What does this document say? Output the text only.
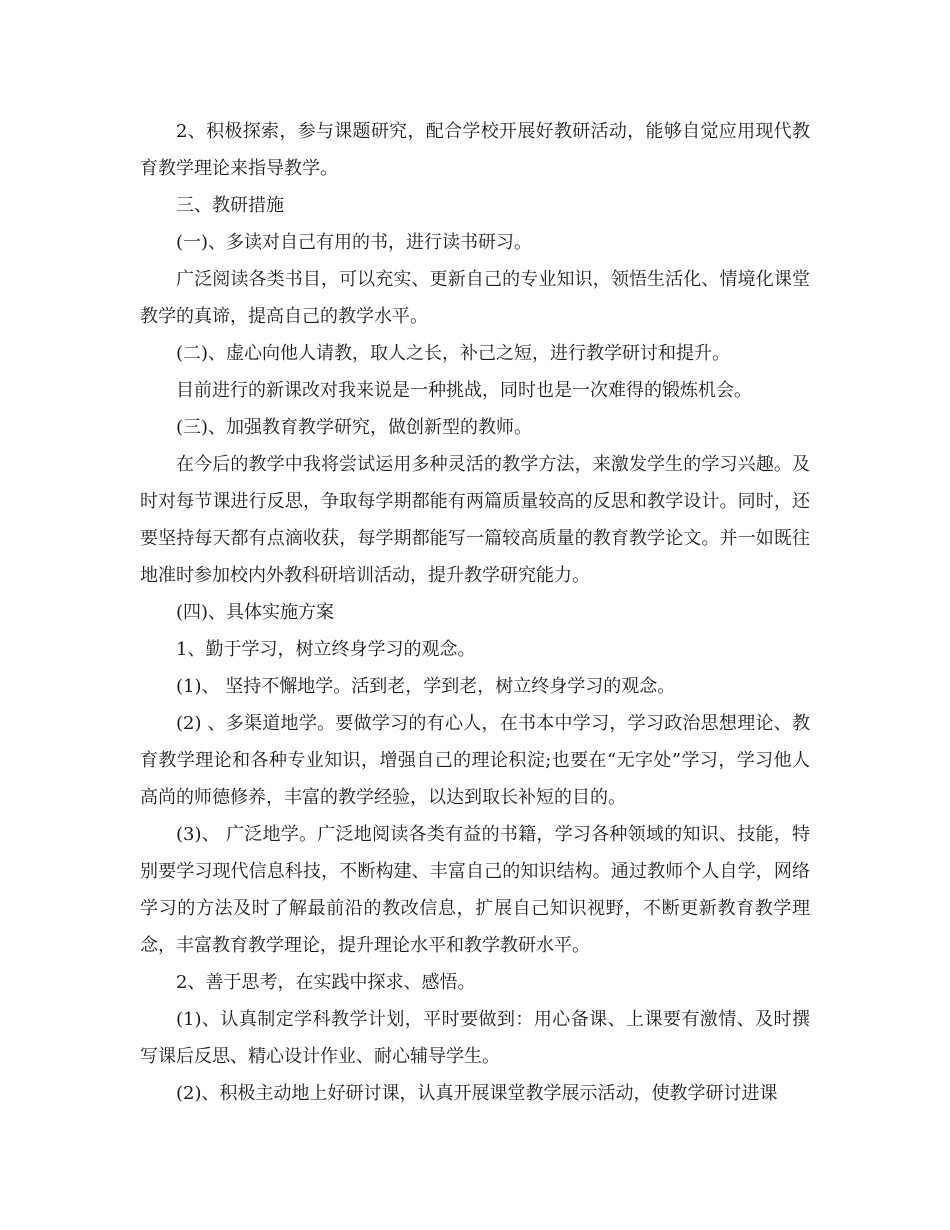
2、积极探索，参与课题研究，配合学校开展好教研活动，能够自觉应用现代教育教学理论来指导教学。

三、教研措施

(一)、多读对自己有用的书，进行读书研习。

广泛阅读各类书目，可以充实、更新自己的专业知识，领悟生活化、情境化课堂教学的真谛，提高自己的教学水平。

(二)、虚心向他人请教，取人之长，补己之短，进行教学研讨和提升。

目前进行的新课改对我来说是一种挑战，同时也是一次难得的锻炼机会。

(三)、加强教育教学研究，做创新型的教师。

在今后的教学中我将尝试运用多种灵活的教学方法，来激发学生的学习兴趣。及时对每节课进行反思，争取每学期都能有两篇质量较高的反思和教学设计。同时，还要坚持每天都有点滴收获，每学期都能写一篇较高质量的教育教学论文。并一如既往地准时参加校内外教科研培训活动，提升教学研究能力。

(四)、具体实施方案

1、勤于学习，树立终身学习的观念。

(1)、 坚持不懈地学。活到老，学到老，树立终身学习的观念。

(2) 、多渠道地学。要做学习的有心人，在书本中学习，学习政治思想理论、教育教学理论和各种专业知识，增强自己的理论积淀;也要在“无字处”学习，学习他人高尚的师德修养，丰富的教学经验，以达到取长补短的目的。

(3)、 广泛地学。广泛地阅读各类有益的书籍，学习各种领域的知识、技能，特别要学习现代信息科技，不断构建、丰富自己的知识结构。通过教师个人自学，网络学习的方法及时了解最前沿的教改信息，扩展自己知识视野，不断更新教育教学理念，丰富教育教学理论，提升理论水平和教学教研水平。

2、善于思考，在实践中探求、感悟。

(1)、认真制定学科教学计划，平时要做到：用心备课、上课要有激情、及时撰写课后反思、精心设计作业、耐心辅导学生。

(2)、积极主动地上好研讨课，认真开展课堂教学展示活动，使教学研讨进课
